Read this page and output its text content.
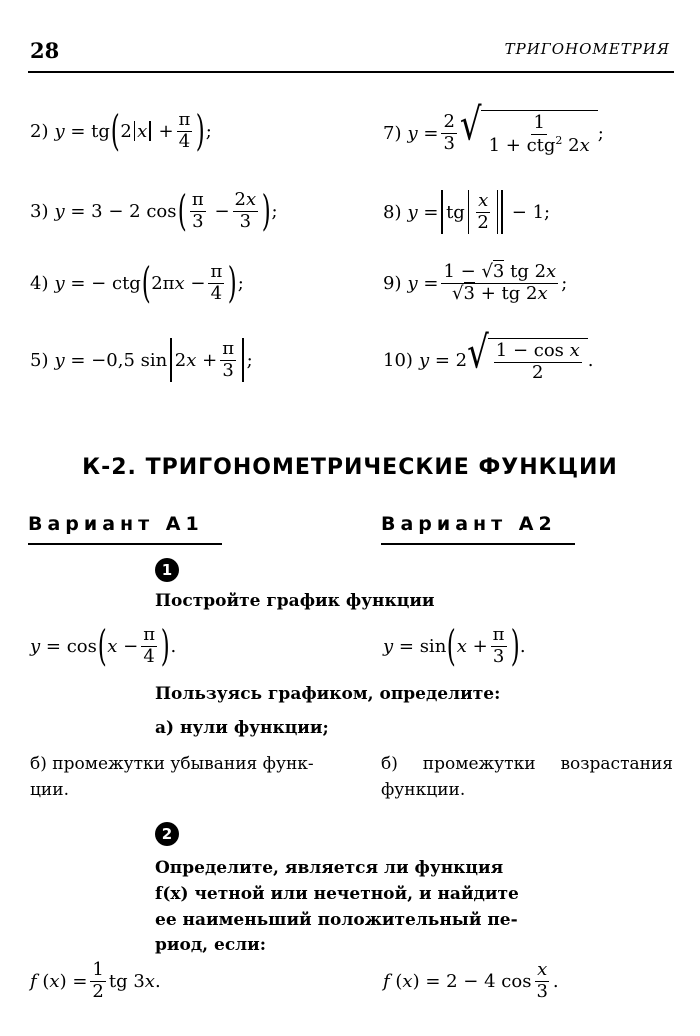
28	ТРИГОНОМЕТРИЯ
2) y = tg ( 2 $x + \frac{\pi}{4}$ ) ;
3) y = 3 − 2 cos ( $\frac{\pi}{3} - \frac{2x}{3}$ ) ;
4) y = − ctg ( 2π $x - \frac{\pi}{4}$ ) ;
5) y = −0,5 sin 2 $x + \frac{\pi}{3}$ ;
7) $y = \frac{2}{3}$ √ $\frac{1}{1 + ctg^2 2x}$ ;
8) y = tg $\frac{x}{2} - 1$;
9) $y = \frac{1 - √3 tg 2x}{√3 + tg 2x}$ ;
10) y = 2 √ $\frac{\text{1 − cos x}}{2}$ .
К-2. ТРИГОНОМЕТРИЧЕСКИЕ ФУНКЦИИ
Вариант А1	Вариант А2
1
Постройте график функции
y = cos ( $x - \frac{\pi}{4}$ ) .	y = sin ( $x + \frac{\pi}{3}$ ) .
Пользуясь графиком, определите:
а) нули функции;
б) промежутки убывания функ-
ции.
б) промежутки возрастания
функции.
2
Определите, является ли функция
f(x) четной или нечетной, и найдите
ее наименьший положительный пе-
риод, если:
f ( x ) = $\frac{1}{2}$ tg 3 x .	f ( x ) = 2 − 4 $\cos \frac{x}{3}$ .
